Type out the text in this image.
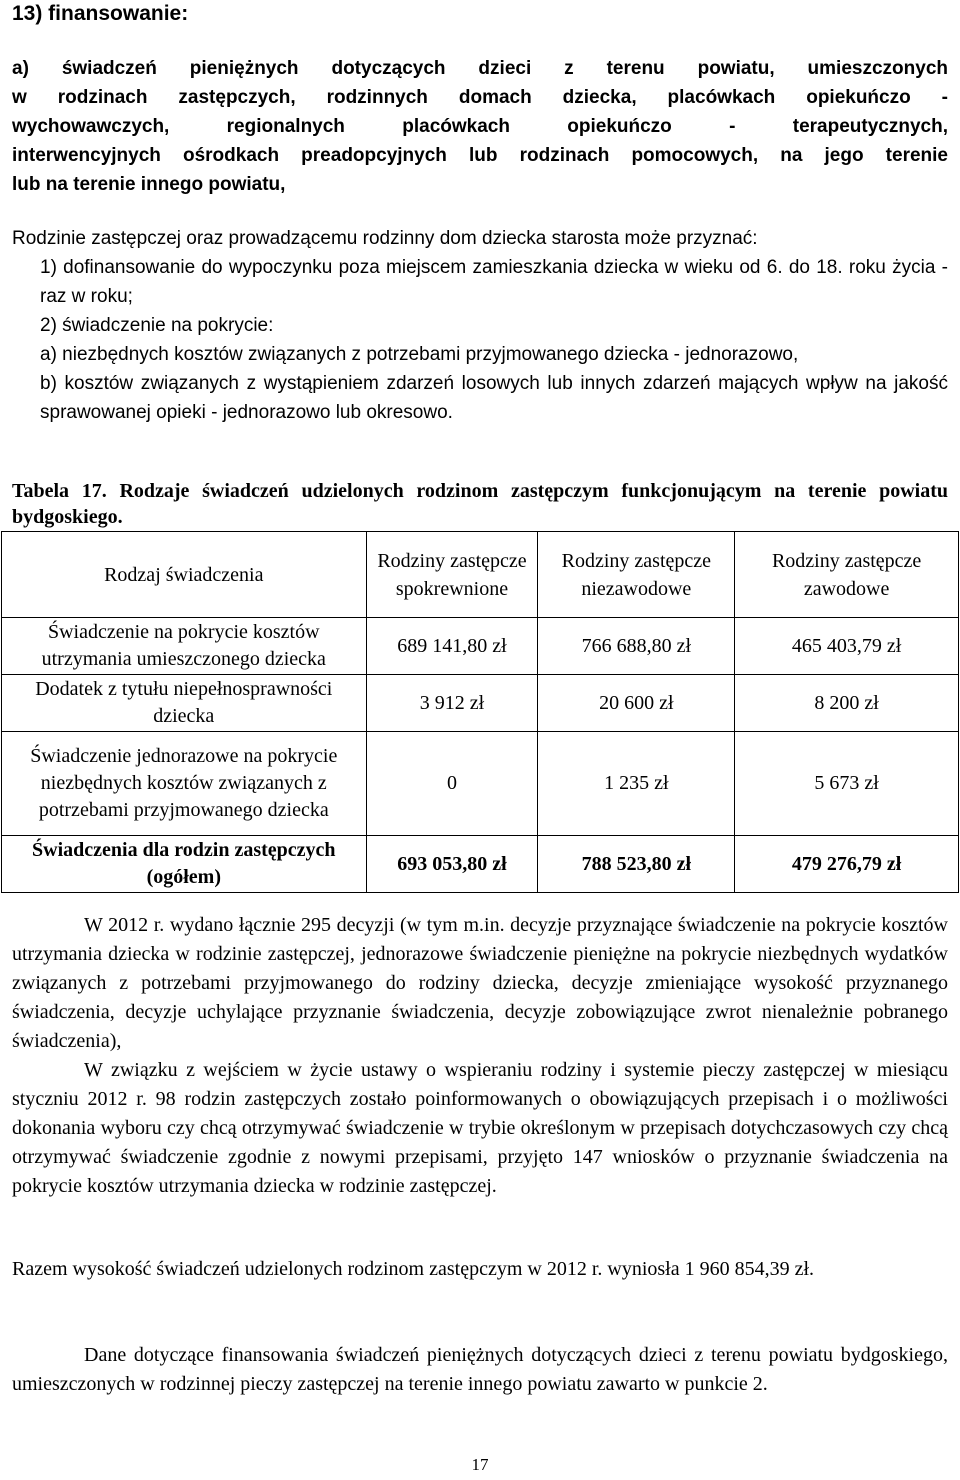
13) finansowanie:
a) świadczeń pieniężnych dotyczących dzieci z terenu powiatu, umieszczonych
w rodzinach zastępczych, rodzinnych domach dziecka, placówkach opiekuńczo -
wychowawczych, regionalnych placówkach opiekuńczo - terapeutycznych,
interwencyjnych ośrodkach preadopcyjnych lub rodzinach pomocowych, na jego terenie
lub na terenie innego powiatu,
Rodzinie zastępczej oraz prowadzącemu rodzinny dom dziecka starosta może przyznać:
1) dofinansowanie do wypoczynku poza miejscem zamieszkania dziecka w wieku od 6. do 18. roku życia - raz w roku;
2) świadczenie na pokrycie:
a) niezbędnych kosztów związanych z potrzebami przyjmowanego dziecka - jednorazowo,
b) kosztów związanych z wystąpieniem zdarzeń losowych lub innych zdarzeń mających wpływ na jakość sprawowanej opieki - jednorazowo lub okresowo.
Tabela 17. Rodzaje świadczeń udzielonych rodzinom zastępczym funkcjonującym na terenie powiatu bydgoskiego.
Rodzaj świadczenia	Rodziny zastępcze spokrewnione	Rodziny zastępcze niezawodowe	Rodziny zastępcze zawodowe
Świadczenie na pokrycie kosztów utrzymania umieszczonego dziecka	689 141,80 zł	766 688,80 zł	465 403,79 zł
Dodatek z tytułu niepełnosprawności dziecka	3 912 zł	20 600 zł	8 200 zł
Świadczenie jednorazowe na pokrycie niezbędnych kosztów związanych z potrzebami przyjmowanego dziecka	0	1 235 zł	5 673 zł
Świadczenia dla rodzin zastępczych (ogółem)	693 053,80 zł	788 523,80 zł	479 276,79 zł
W 2012 r. wydano łącznie 295 decyzji (w tym m.in. decyzje przyznające świadczenie na pokrycie kosztów utrzymania dziecka w rodzinie zastępczej, jednorazowe świadczenie pieniężne na pokrycie niezbędnych wydatków związanych z potrzebami przyjmowanego do rodziny dziecka, decyzje zmieniające wysokość przyznanego świadczenia, decyzje uchylające przyznanie świadczenia, decyzje zobowiązujące zwrot nienależnie pobranego świadczenia),
W związku z wejściem w życie ustawy o wspieraniu rodziny i systemie pieczy zastępczej w miesiącu styczniu 2012 r. 98 rodzin zastępczych zostało poinformowanych o obowiązujących przepisach i o możliwości dokonania wyboru czy chcą otrzymywać świadczenie w trybie określonym w przepisach dotychczasowych czy chcą otrzymywać świadczenie zgodnie z nowymi przepisami, przyjęto 147 wniosków o przyznanie świadczenia na pokrycie kosztów utrzymania dziecka w rodzinie zastępczej.
Razem wysokość świadczeń udzielonych rodzinom zastępczym w 2012 r. wyniosła 1 960 854,39 zł.
Dane dotyczące finansowania świadczeń pieniężnych dotyczących dzieci z terenu powiatu bydgoskiego, umieszczonych w rodzinnej pieczy zastępczej na terenie innego powiatu zawarto w punkcie 2.
17
